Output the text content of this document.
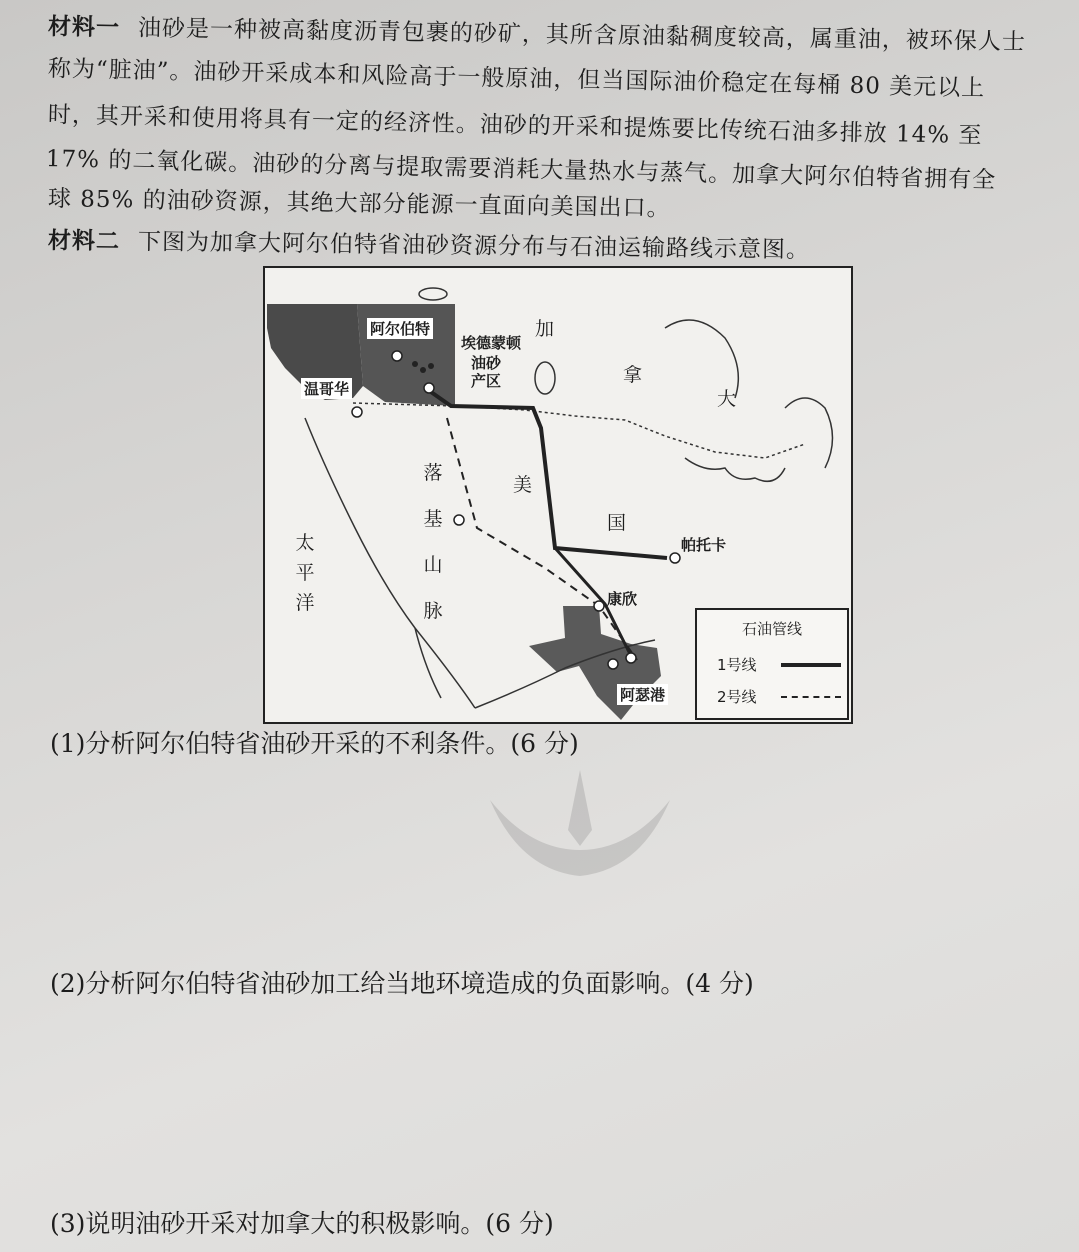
材料一 油砂是一种被高黏度沥青包裹的砂矿，其所含原油黏稠度较高，属重油，被环保人士
称为“脏油”。油砂开采成本和风险高于一般原油，但当国际油价稳定在每桶 80 美元以上
时，其开采和使用将具有一定的经济性。油砂的开采和提炼要比传统石油多排放 14% 至
17% 的二氧化碳。油砂的分离与提取需要消耗大量热水与蒸气。加拿大阿尔伯特省拥有全
球 85% 的油砂资源，其绝大部分能源一直面向美国出口。
材料二 下图为加拿大阿尔伯特省油砂资源分布与石油运输路线示意图。
阿尔伯特
埃德蒙顿
油砂
产区
温哥华
加
拿
大
美
国
落基山脉
太平洋
帕托卡
康欣
阿瑟港
石油管线
1号线
2号线
(1)分析阿尔伯特省油砂开采的不利条件。(6 分)
(2)分析阿尔伯特省油砂加工给当地环境造成的负面影响。(4 分)
(3)说明油砂开采对加拿大的积极影响。(6 分)
